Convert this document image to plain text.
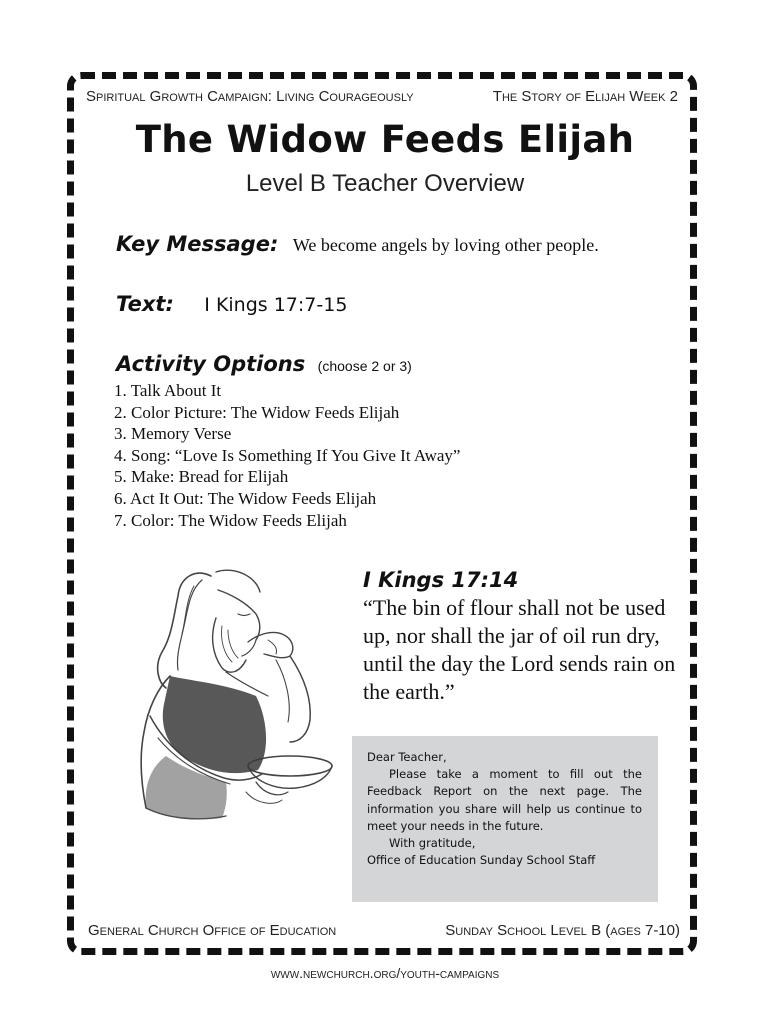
Spiritual Growth Campaign: Living Courageously	The Story of Elijah Week 2
The Widow Feeds Elijah
Level B Teacher Overview
Key Message: We become angels by loving other people.
Text: I Kings 17:7-15
Activity Options (choose 2 or 3)
1. Talk About It
2. Color Picture: The Widow Feeds Elijah
3. Memory Verse
4. Song: “Love Is Something If You Give It Away”
5. Make: Bread for Elijah
6. Act It Out: The Widow Feeds Elijah
7. Color: The Widow Feeds Elijah
I Kings 17:14
“The bin of flour shall not be used up, nor shall the jar of oil run dry, until the day the Lord sends rain on the earth.”

Dear Teacher,

Please take a moment to fill out the Feedback Report on the next page. The information you share will help us continue to meet your needs in the future.

With gratitude,

Office of Education Sunday School Staff

General Church Office of Education	Sunday School Level B (ages 7-10)
www.newchurch.org/youth-campaigns
